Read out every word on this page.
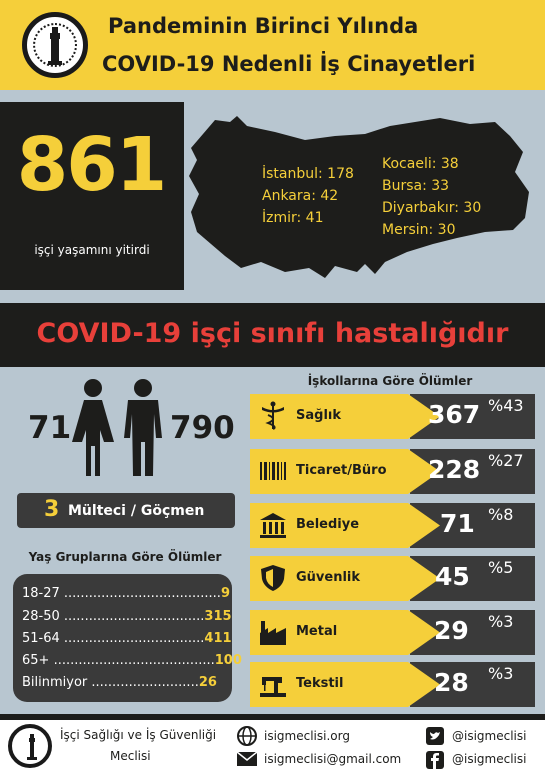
Pandeminin Birinci Yılında
COVID-19 Nedenli İş Cinayetleri
861
işçi yaşamını yitirdi
İstanbul: 178
Ankara: 42
İzmir: 41
Kocaeli: 38
Bursa: 33
Diyarbakır: 30
Mersin: 30
COVID-19 işçi sınıfı hastalığıdır
71	790
3 Mülteci / Göçmen
Yaş Gruplarına Göre Ölümler
18-27 ......................................9
28-50 ..................................315
51-64 ..................................411
65+ .......................................100
Bilinmiyor ..........................26
İşkollarına Göre Ölümler
Sağlık	367 %43
Ticaret/Büro 228 %27
Belediye	71 %8
Güvenlik	45 %5
Metal	29 %3
Tekstil	28 %3
İşçi Sağlığı ve İş Güvenliği
Meclisi
isigmeclisi.org
isigmeclisi@gmail.com
@isigmeclisi
@isigmeclisi
